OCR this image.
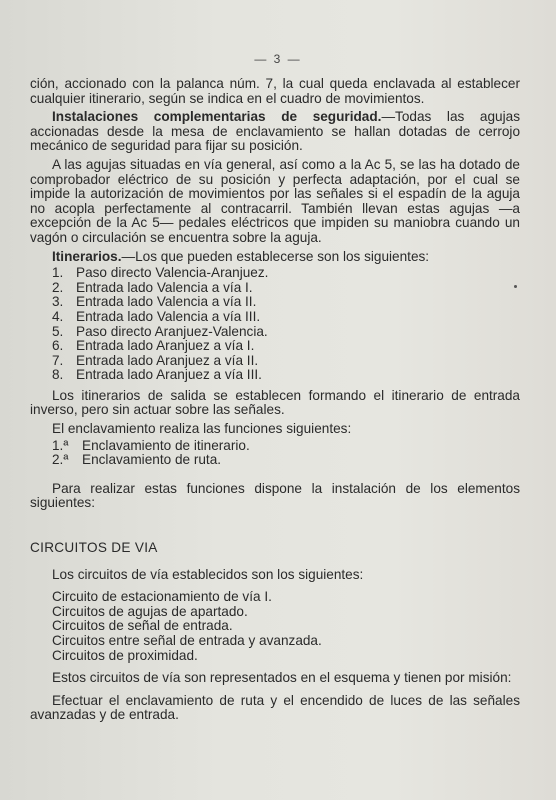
— 3 —

ción, accionado con la palanca núm. 7, la cual queda enclavada al establecer cualquier itinerario, según se indica en el cuadro de movimientos.

Instalaciones complementarias de seguridad.—Todas las agujas accionadas desde la mesa de enclavamiento se hallan dotadas de cerrojo mecánico de seguridad para fijar su posición.

A las agujas situadas en vía general, así como a la Ac 5, se las ha dotado de comprobador eléctrico de su posición y perfecta adaptación, por el cual se impide la autorización de movimientos por las señales si el espadín de la aguja no acopla perfectamente al contracarril. También llevan estas agujas —a excepción de la Ac 5— pedales eléctricos que impiden su maniobra cuando un vagón o circulación se encuentra sobre la aguja.

Itinerarios.—Los que pueden establecerse son los siguientes:

1. Paso directo Valencia-Aranjuez.
2. Entrada lado Valencia a vía I.
3. Entrada lado Valencia a vía II.
4. Entrada lado Valencia a vía III.
5. Paso directo Aranjuez-Valencia.
6. Entrada lado Aranjuez a vía I.
7. Entrada lado Aranjuez a vía II.
8. Entrada lado Aranjuez a vía III.

Los itinerarios de salida se establecen formando el itinerario de entrada inverso, pero sin actuar sobre las señales.

El enclavamiento realiza las funciones siguientes:

1.ª	Enclavamiento de itinerario.
2.ª	Enclavamiento de ruta.

Para realizar estas funciones dispone la instalación de los elementos siguientes:

CIRCUITOS DE VIA

Los circuitos de vía establecidos son los siguientes:

Circuito de estacionamiento de vía I.
Circuitos de agujas de apartado.
Circuitos de señal de entrada.
Circuitos entre señal de entrada y avanzada.
Circuitos de proximidad.

Estos circuitos de vía son representados en el esquema y tienen por misión:

Efectuar el enclavamiento de ruta y el encendido de luces de las señales avanzadas y de entrada.
